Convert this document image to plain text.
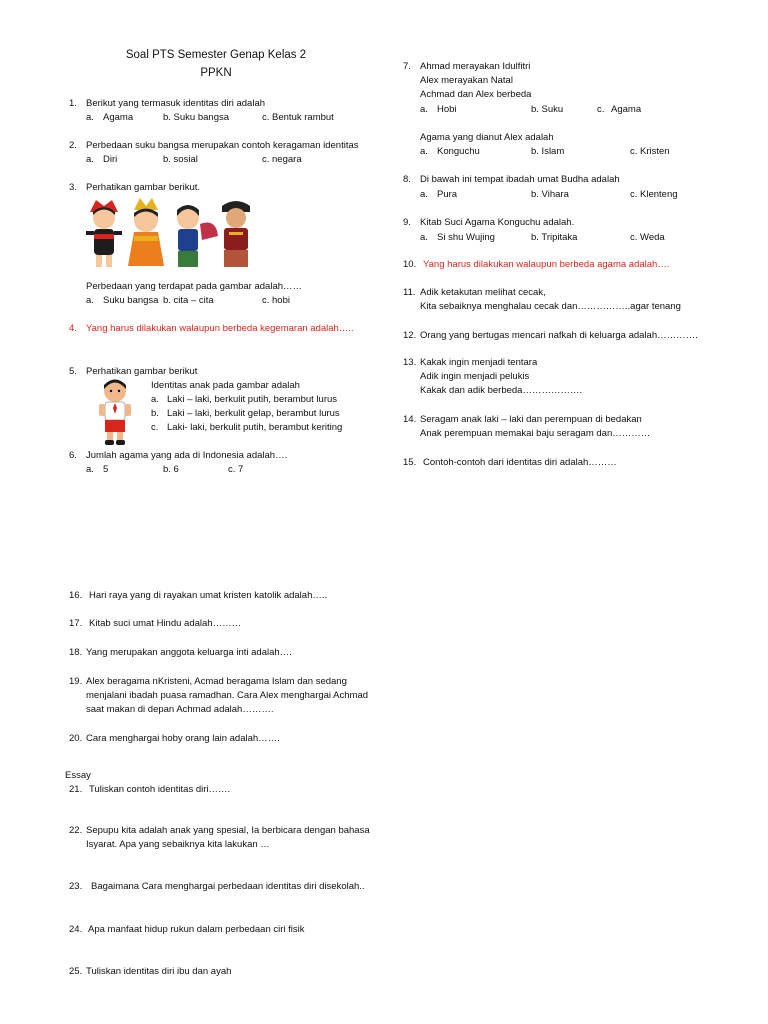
Soal PTS Semester Genap Kelas 2
PPKN
1. Berikut yang termasuk identitas diri adalah
a. Agama	b. Suku bangsa	c. Bentuk rambut
2. Perbedaan suku bangsa merupakan contoh keragaman identitas
a. Diri	b. sosial	c. negara
3. Perhatikan gambar berikut.
Perbedaan yang terdapat pada gambar adalah……
a. Suku bangsa b. cita – cita	c. hobi
4. Yang harus dilakukan walaupun berbeda kegemaran adalah…..
5. Perhatikan gambar berikut
Identitas anak pada gambar adalah
a. Laki – laki, berkulit putih, berambut lurus
b. Laki – laki, berkulit gelap, berambut lurus
c. Laki- laki, berkulit putih, berambut keriting
6. Jumlah agama yang ada di Indonesia adalah….
a. 5	b. 6	c. 7
7. Ahmad merayakan Idulfitri
Alex merayakan Natal
Achmad dan Alex berbeda
a. Hobi	b. Suku	c. Agama
Agama yang dianut Alex adalah
a. Konguchu	b. Islam	c. Kristen
8. Di bawah ini tempat ibadah umat Budha adalah
a. Pura	b. Vihara	c. Klenteng
9. Kitab Suci Agama Konguchu adalah.
a. Si shu Wujing	b. Tripitaka	c. Weda
10. Yang harus dilakukan walaupun berbeda agama adalah….
11. Adik ketakutan melihat cecak,
Kita sebaiknya menghalau cecak dan……………..agar tenang
12. Orang yang bertugas mencari nafkah di keluarga adalah………….
13. Kakak ingin menjadi tentara
Adik ingin menjadi pelukis
Kakak dan adik berbeda……………….
14. Seragam anak laki – laki dan perempuan di bedakan
Anak perempuan memakai baju seragam dan…………
15. Contoh-contoh dari identitas diri adalah………
16. Hari raya yang di rayakan umat kristen katolik adalah…..
17. Kitab suci umat Hindu adalah………
18. Yang merupakan anggota keluarga inti adalah….
19. Alex beragama nKristeni, Acmad beragama Islam dan sedang
menjalani ibadah puasa ramadhan. Cara Alex menghargai Achmad
saat makan di depan Achmad adalah……….
20. Cara menghargai hoby orang lain adalah…….
Essay
21. Tuliskan contoh identitas diri…….
22. Sepupu kita adalah anak yang spesial, Ia berbicara dengan bahasa
Isyarat. Apa yang sebaiknya kita lakukan …
23. Bagaimana Cara menghargai perbedaan identitas diri disekolah..
24. Apa manfaat hidup rukun dalam perbedaan ciri fisik
25. Tuliskan identitas diri ibu dan ayah
